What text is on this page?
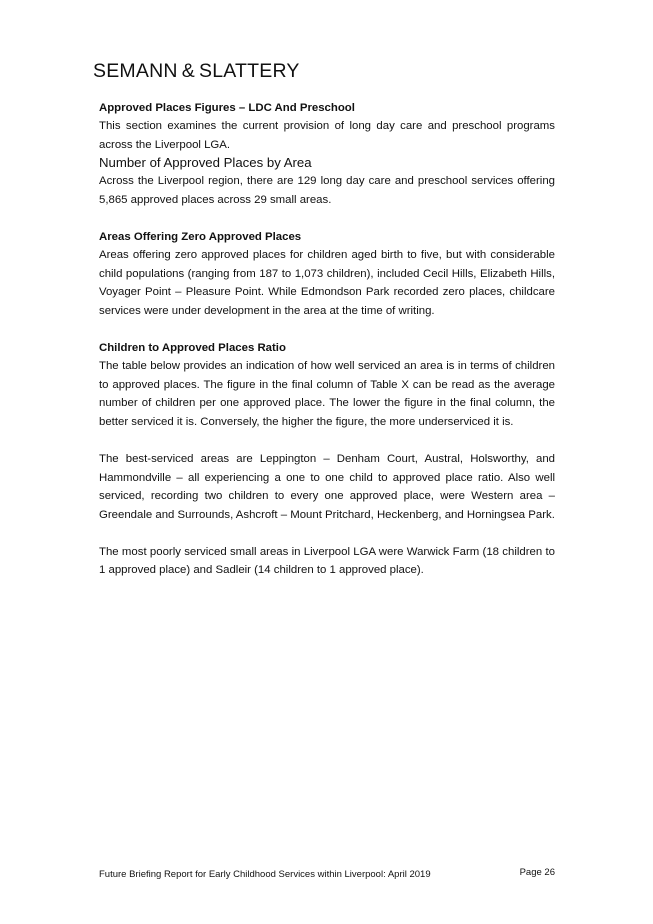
SEMANN & SLATTERY
Approved Places Figures – LDC And Preschool

This section examines the current provision of long day care and preschool programs across the Liverpool LGA.

Number of Approved Places by Area

Across the Liverpool region, there are 129 long day care and preschool services offering 5,865 approved places across 29 small areas.

Areas Offering Zero Approved Places

Areas offering zero approved places for children aged birth to five, but with considerable child populations (ranging from 187 to 1,073 children), included Cecil Hills, Elizabeth Hills, Voyager Point – Pleasure Point. While Edmondson Park recorded zero places, childcare services were under development in the area at the time of writing.

Children to Approved Places Ratio

The table below provides an indication of how well serviced an area is in terms of children to approved places. The figure in the final column of Table X can be read as the average number of children per one approved place. The lower the figure in the final column, the better serviced it is. Conversely, the higher the figure, the more underserviced it is.

The best-serviced areas are Leppington – Denham Court, Austral, Holsworthy, and Hammondville – all experiencing a one to one child to approved place ratio. Also well serviced, recording two children to every one approved place, were Western area – Greendale and Surrounds, Ashcroft – Mount Pritchard, Heckenberg, and Horningsea Park.

The most poorly serviced small areas in Liverpool LGA were Warwick Farm (18 children to 1 approved place) and Sadleir (14 children to 1 approved place).

Future Briefing Report for Early Childhood Services within Liverpool: April 2019	Page 26
